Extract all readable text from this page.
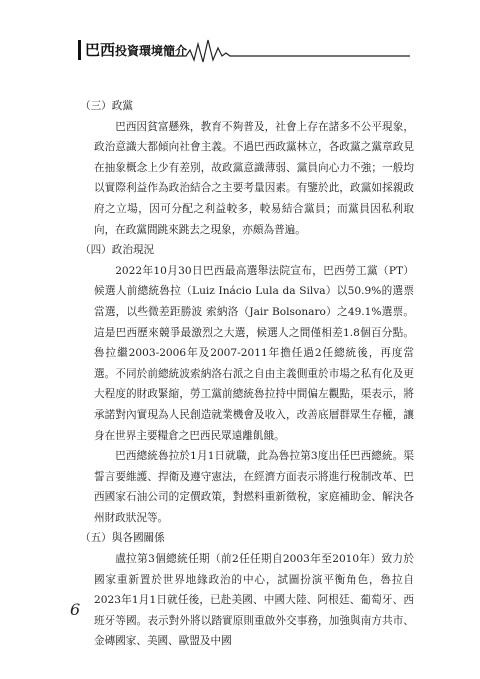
巴西投資環境簡介

（三）政黨

巴西因貧富懸殊，教育不夠普及，社會上存在諸多不公平現象，政治意識大都傾向社會主義。不過巴西政黨林立，各政黨之黨章政見在抽象概念上少有差別，故政黨意識薄弱、黨員向心力不強；一般均以實際利益作為政治結合之主要考量因素。有鑒於此，政黨如採親政府之立場，因可分配之利益較多，較易結合黨員；而黨員因私利取向，在政黨間跳來跳去之現象，亦頗為普遍。

（四）政治現況

2022年10月30日巴西最高選舉法院宣布，巴西勞工黨（PT）候選人前總統魯拉（Luiz Inácio Lula da Silva）以50.9%的選票當選，以些微差距勝波 索納洛（Jair Bolsonaro）之49.1%選票。這是巴西歷來競爭最激烈之大選，候選人之間僅相差1.8個百分點。魯拉繼2003-2006年及2007-2011年擔任過2任總統後，再度當選。不同於前總統波索納洛右派之自由主義側重於市場之私有化及更大程度的財政緊縮，勞工黨前總統魯拉持中間偏左觀點，渠表示，將承諾對內實現為人民創造就業機會及收入，改善底層群眾生存權，讓身在世界主要糧倉之巴西民眾遠離飢餓。

巴西總統魯拉於1月1日就職，此為魯拉第3度出任巴西總統。渠誓言要維護、捍衛及遵守憲法，在經濟方面表示將進行稅制改革、巴西國家石油公司的定價政策，對燃料重新徵稅，家庭補助金、解決各州財政狀況等。

（五）與各國關係

盧拉第3個總統任期（前2任任期自2003年至2010年）致力於國家重新置於世界地緣政治的中心，試圖扮演平衡角色，魯拉自2023年1月1日就任後，已赴美國、中國大陸、阿根廷、葡萄牙、西班牙等國。表示對外將以踏實原則重啟外交事務，加強與南方共市、金磚國家、美國、歐盟及中國

6
